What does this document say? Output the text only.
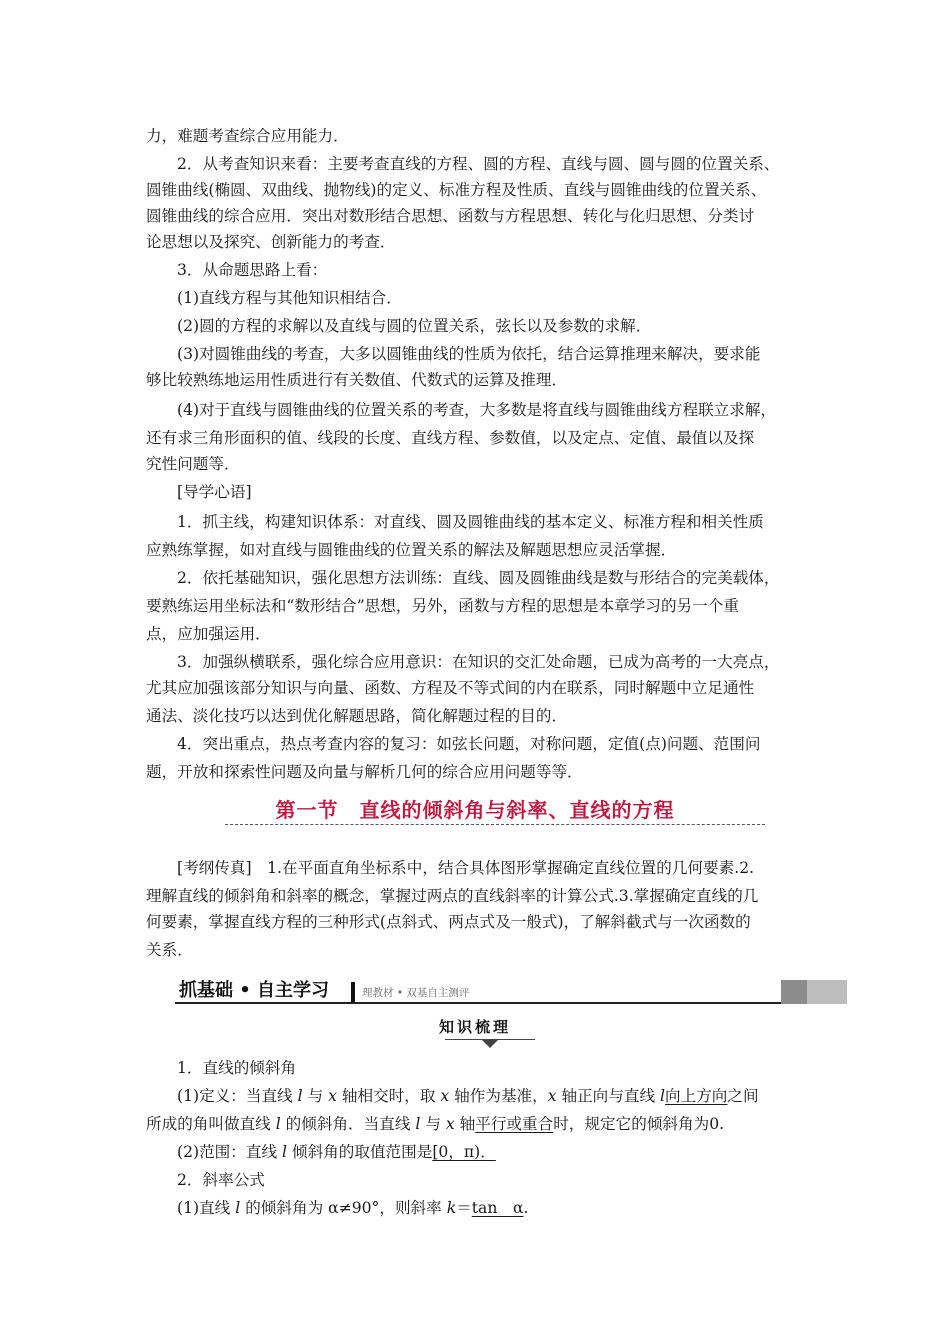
力，难题考查综合应用能力．
2．从考查知识来看：主要考查直线的方程、圆的方程、直线与圆、圆与圆的位置关系、
圆锥曲线(椭圆、双曲线、抛物线)的定义、标准方程及性质、直线与圆锥曲线的位置关系、
圆锥曲线的综合应用．突出对数形结合思想、函数与方程思想、转化与化归思想、分类讨
论思想以及探究、创新能力的考查．
3．从命题思路上看：
(1)直线方程与其他知识相结合．
(2)圆的方程的求解以及直线与圆的位置关系，弦长以及参数的求解．
(3)对圆锥曲线的考查，大多以圆锥曲线的性质为依托，结合运算推理来解决，要求能
够比较熟练地运用性质进行有关数值、代数式的运算及推理．
(4)对于直线与圆锥曲线的位置关系的考查，大多数是将直线与圆锥曲线方程联立求解，
还有求三角形面积的值、线段的长度、直线方程、参数值，以及定点、定值、最值以及探
究性问题等．
[导学心语]
1．抓主线，构建知识体系：对直线、圆及圆锥曲线的基本定义、标准方程和相关性质
应熟练掌握，如对直线与圆锥曲线的位置关系的解法及解题思想应灵活掌握．
2．依托基础知识，强化思想方法训练：直线、圆及圆锥曲线是数与形结合的完美载体，
要熟练运用坐标法和“数形结合”思想，另外，函数与方程的思想是本章学习的另一个重
点，应加强运用．
3．加强纵横联系，强化综合应用意识：在知识的交汇处命题，已成为高考的一大亮点，
尤其应加强该部分知识与向量、函数、方程及不等式间的内在联系，同时解题中立足通性
通法、淡化技巧以达到优化解题思路，简化解题过程的目的．
4．突出重点，热点考查内容的复习：如弦长问题，对称问题，定值(点)问题、范围问
题，开放和探索性问题及向量与解析几何的综合应用问题等等．
第一节　直线的倾斜角与斜率、直线的方程
[考纲传真]　1.在平面直角坐标系中，结合具体图形掌握确定直线位置的几何要素.2.
理解直线的倾斜角和斜率的概念，掌握过两点的直线斜率的计算公式.3.掌握确定直线的几
何要素，掌握直线方程的三种形式(点斜式、两点式及一般式)，了解斜截式与一次函数的
关系．
抓基础 • 自主学习	理教材 • 双基自主测评
知识梳理
1．直线的倾斜角
(1)定义：当直线 l 与 x 轴相交时，取 x 轴作为基准，x 轴正向与直线 l向上方向之间
所成的角叫做直线 l 的倾斜角．当直线 l 与 x 轴平行或重合时，规定它的倾斜角为0.
(2)范围：直线 l 倾斜角的取值范围是[0，π)．
2．斜率公式
(1)直线 l 的倾斜角为 α≠90°，则斜率 k＝tan　α.
